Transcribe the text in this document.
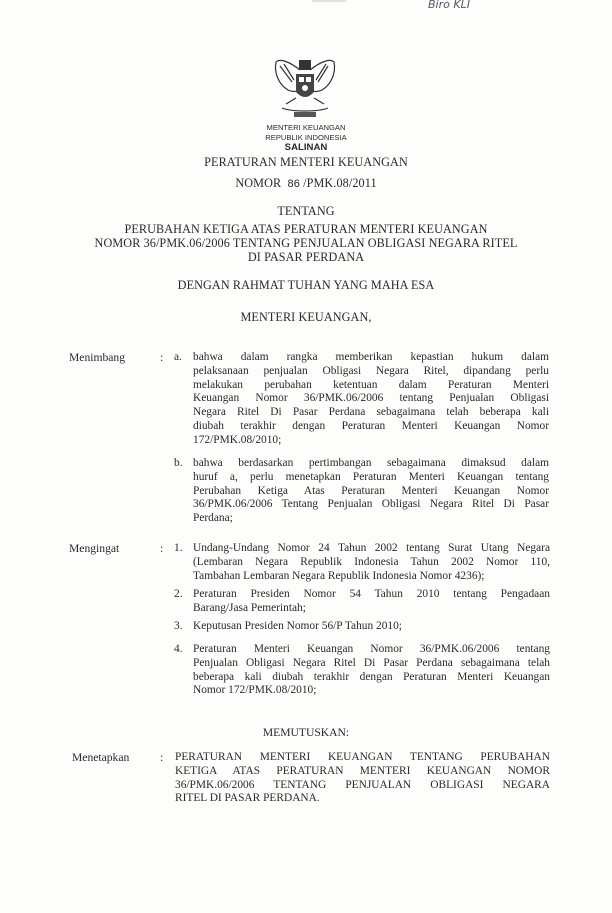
Biro KLI
MENTERI KEUANGAN
REPUBLIK INDONESIA
SALINAN
PERATURAN MENTERI KEUANGAN
NOMOR 86 /PMK.08/2011
TENTANG
PERUBAHAN KETIGA ATAS PERATURAN MENTERI KEUANGAN
NOMOR 36/PMK.06/2006 TENTANG PENJUALAN OBLIGASI NEGARA RITEL
DI PASAR PERDANA
DENGAN RAHMAT TUHAN YANG MAHA ESA
MENTERI KEUANGAN,
Menimbang	: a. bahwa dalam rangka memberikan kepastian hukum dalam
pelaksanaan penjualan Obligasi Negara Ritel, dipandang perlu
melakukan perubahan ketentuan dalam Peraturan Menteri
Keuangan Nomor 36/PMK.06/2006 tentang Penjualan Obligasi
Negara Ritel Di Pasar Perdana sebagaimana telah beberapa kali
diubah terakhir dengan Peraturan Menteri Keuangan Nomor
172/PMK.08/2010;
b. bahwa berdasarkan pertimbangan sebagaimana dimaksud dalam
huruf a, perlu menetapkan Peraturan Menteri Keuangan tentang
Perubahan Ketiga Atas Peraturan Menteri Keuangan Nomor
36/PMK.06/2006 Tentang Penjualan Obligasi Negara Ritel Di Pasar
Perdana;
Mengingat	: 1. Undang-Undang Nomor 24 Tahun 2002 tentang Surat Utang Negara
(Lembaran Negara Republik Indonesia Tahun 2002 Nomor 110,
Tambahan Lembaran Negara Republik Indonesia Nomor 4236);
2. Peraturan Presiden Nomor 54 Tahun 2010 tentang Pengadaan
Barang/Jasa Pemerintah;
3. Keputusan Presiden Nomor 56/P Tahun 2010;
4. Peraturan Menteri Keuangan Nomor 36/PMK.06/2006 tentang
Penjualan Obligasi Negara Ritel Di Pasar Perdana sebagaimana telah
beberapa kali diubah terakhir dengan Peraturan Menteri Keuangan
Nomor 172/PMK.08/2010;
MEMUTUSKAN:
Menetapkan	: PERATURAN MENTERI KEUANGAN TENTANG PERUBAHAN
KETIGA ATAS PERATURAN MENTERI KEUANGAN NOMOR
36/PMK.06/2006 TENTANG PENJUALAN OBLIGASI NEGARA
RITEL DI PASAR PERDANA.
